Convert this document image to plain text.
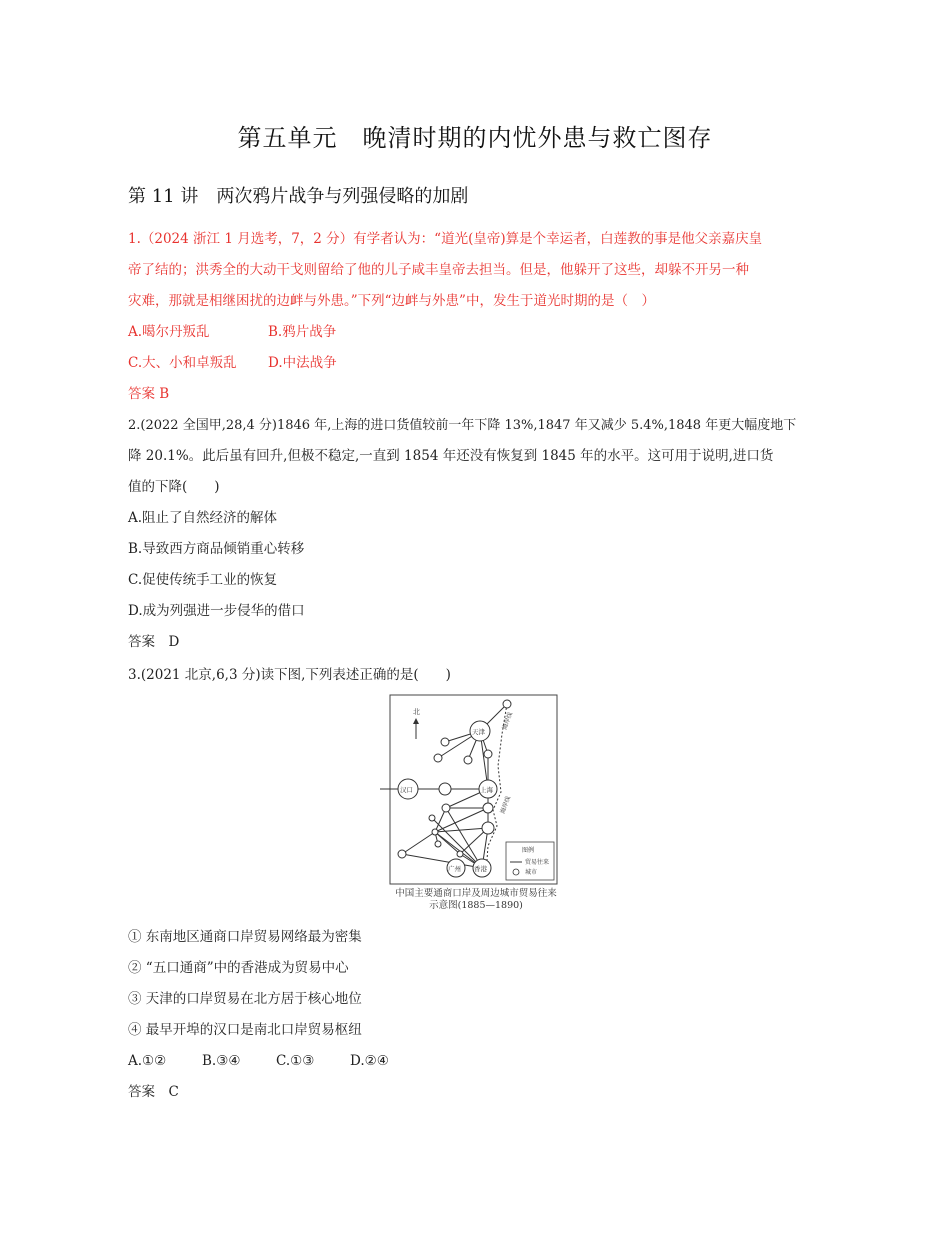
第五单元　晚清时期的内忧外患与救亡图存
第 11 讲　两次鸦片战争与列强侵略的加剧
1.（2024 浙江 1 月选考，7，2 分）有学者认为：“道光(皇帝)算是个幸运者，白莲教的事是他父亲嘉庆皇
帝了结的；洪秀全的大动干戈则留给了他的儿子咸丰皇帝去担当。但是，他躲开了这些，却躲不开另一种
灾难，那就是相继困扰的边衅与外患。”下列“边衅与外患”中，发生于道光时期的是（　）
A.噶尔丹叛乱	B.鸦片战争
C.大、小和卓叛乱 D.中法战争
答案 B
2.(2022 全国甲,28,4 分)1846 年,上海的进口货值较前一年下降 13%,1847 年又减少 5.4%,1848 年更大幅度地下
降 20.1%。此后虽有回升,但极不稳定,一直到 1854 年还没有恢复到 1845 年的水平。这可用于说明,进口货
值的下降(　　)
A.阻止了自然经济的解体
B.导致西方商品倾销重心转移
C.促使传统手工业的恢复
D.成为列强进一步侵华的借口
答案　D
3.(2021 北京,6,3 分)读下图,下列表述正确的是(　　)
北	海岸线
海岸线
天津
汉口	上海
广州 香港
图例
贸易往来
城市
中国主要通商口岸及周边城市贸易往来
示意图(1885—1890)
① 东南地区通商口岸贸易网络最为密集
② “五口通商”中的香港成为贸易中心
③ 天津的口岸贸易在北方居于核心地位
④ 最早开埠的汉口是南北口岸贸易枢纽
A.①②	B.③④	C.①③	D.②④
答案　C
